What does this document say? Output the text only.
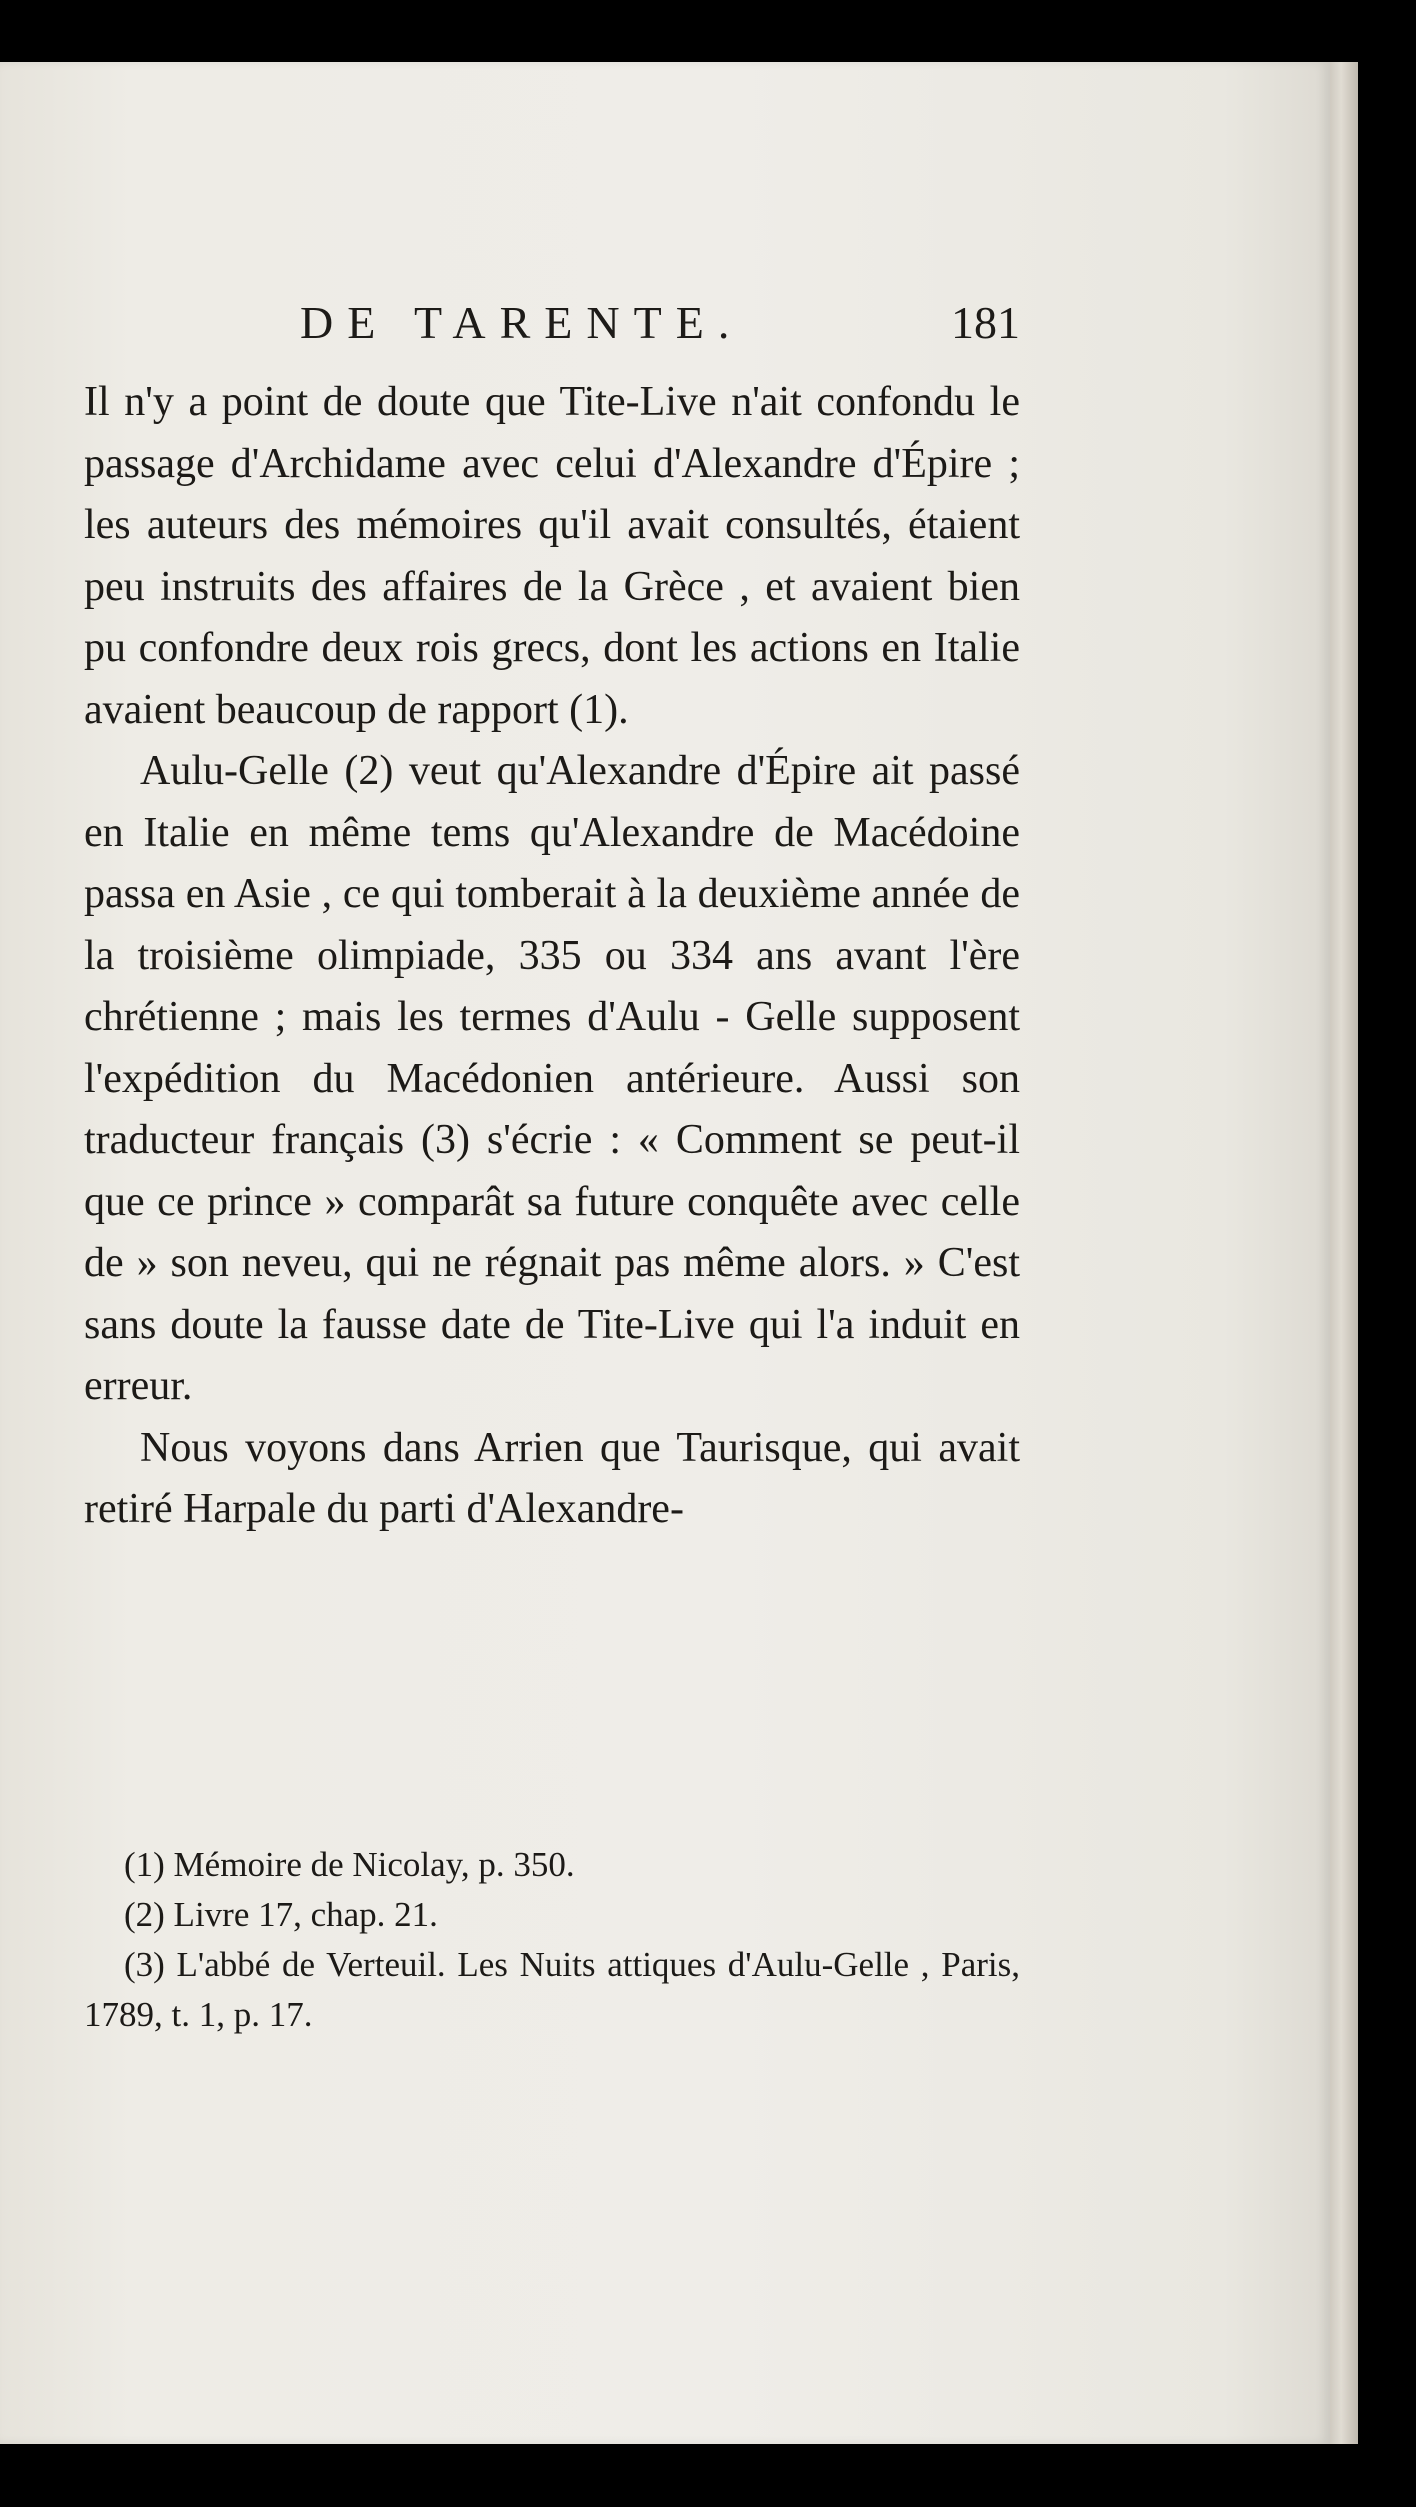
DE TARENTE.	181

Il n'y a point de doute que Tite-Live n'ait confondu le passage d'Archidame avec celui d'Alexandre d'Épire ; les auteurs des mémoires qu'il avait consultés, étaient peu instruits des affaires de la Grèce , et avaient bien pu confondre deux rois grecs, dont les actions en Italie avaient beaucoup de rapport (1).

Aulu-Gelle (2) veut qu'Alexandre d'Épire ait passé en Italie en même tems qu'Alexandre de Macédoine passa en Asie , ce qui tomberait à la deuxième année de la troisième olimpiade, 335 ou 334 ans avant l'ère chrétienne ; mais les termes d'Aulu - Gelle supposent l'expédition du Macédonien antérieure. Aussi son traducteur français (3) s'écrie : « Comment se peut-il que ce prince » comparât sa future conquête avec celle de » son neveu, qui ne régnait pas même alors. » C'est sans doute la fausse date de Tite-Live qui l'a induit en erreur.

Nous voyons dans Arrien que Taurisque, qui avait retiré Harpale du parti d'Alexandre-

(1) Mémoire de Nicolay, p. 350.

(2) Livre 17, chap. 21.

(3) L'abbé de Verteuil. Les Nuits attiques d'Aulu-Gelle , Paris, 1789, t. 1, p. 17.
